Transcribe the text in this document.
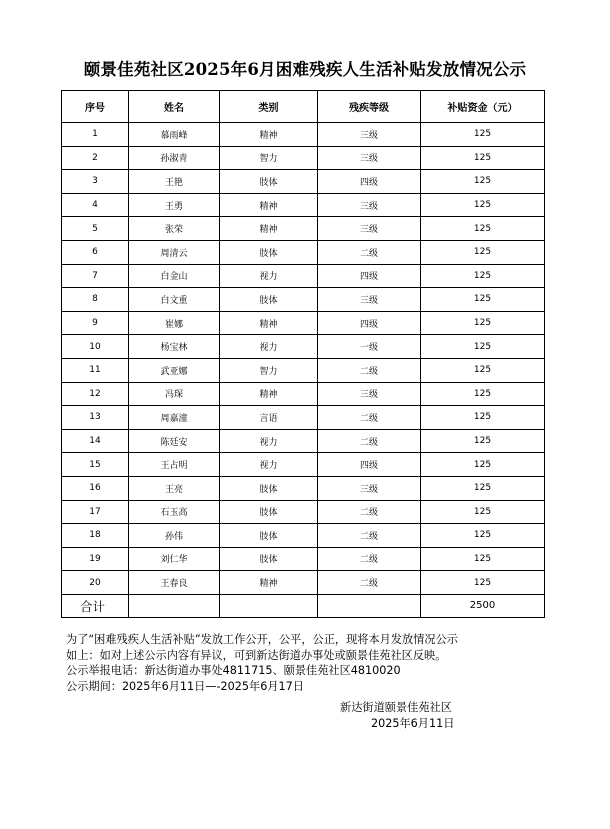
颐景佳苑社区2025年6月困难残疾人生活补贴发放情况公示
序号	姓名	类别	残疾等级	补贴资金（元）
1	慕雨峰	精神	三级	125
2	孙淑青	智力	三级	125
3	王艳	肢体	四级	125
4	王勇	精神	三级	125
5	张荣	精神	三级	125
6	周清云	肢体	二级	125
7	白金山	视力	四级	125
8	白文重	肢体	三级	125
9	崔娜	精神	四级	125
10	杨宝林	视力	一级	125
11	武亚娜	智力	二级	125
12	冯琛	精神	三级	125
13	周嘉潼	言语	二级	125
14	陈廷安	视力	二级	125
15	王占明	视力	四级	125
16	王亮	肢体	三级	125
17	石玉高	肢体	二级	125
18	孙伟	肢体	二级	125
19	刘仁华	肢体	二级	125
20	王春良	精神	二级	125
合计				2500
为了“困难残疾人生活补贴”发放工作公开，公平，公正，现将本月发放情况公示
如上：如对上述公示内容有异议，可到新达街道办事处或颐景佳苑社区反映。
公示举报电话：新达街道办事处4811715、颐景佳苑社区4810020
公示期间：2025年6月11日—-2025年6月17日
新达街道颐景佳苑社区
2025年6月11日
